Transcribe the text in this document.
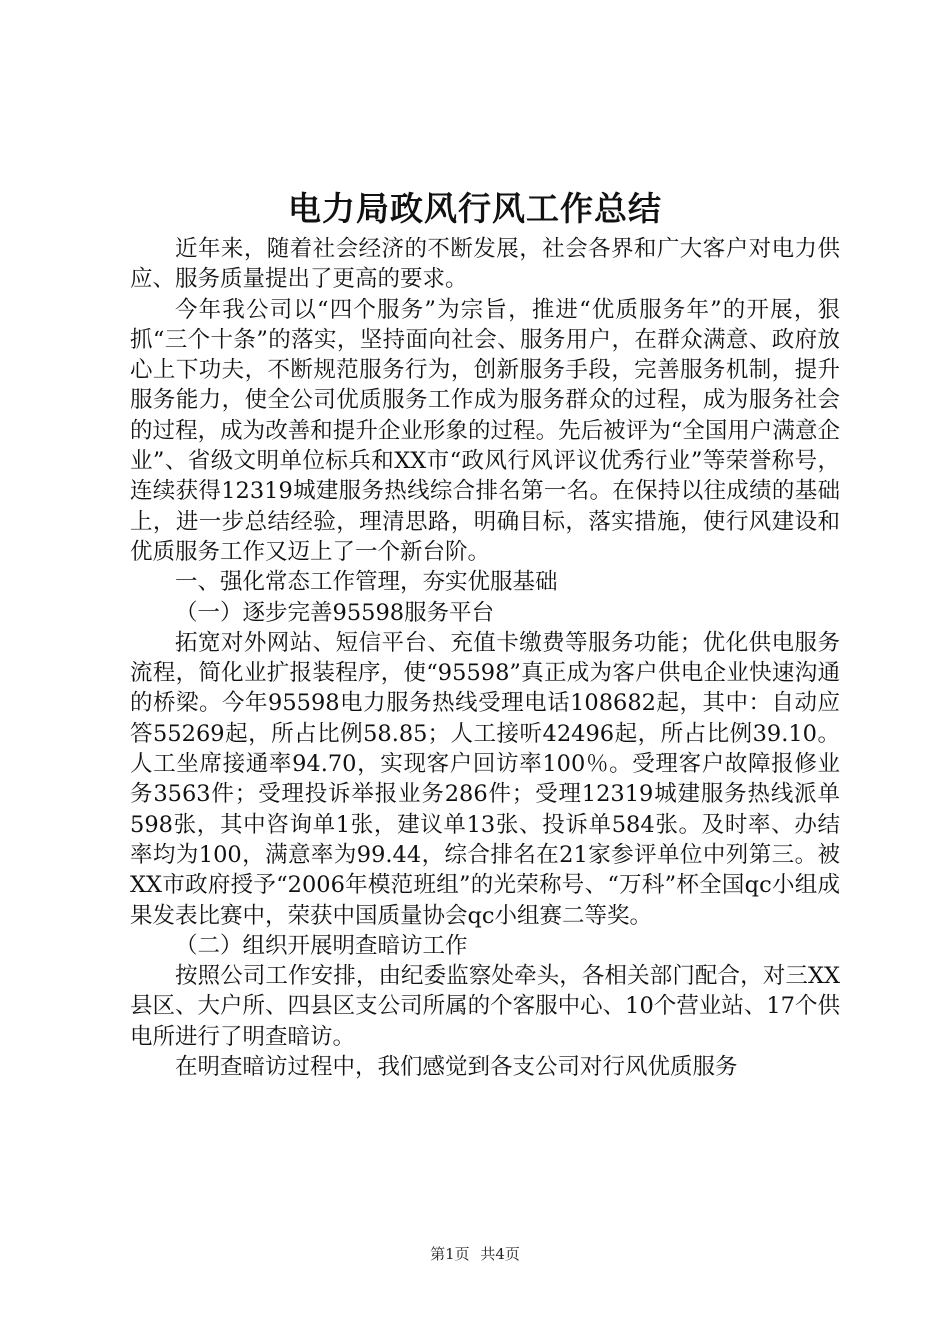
电力局政风行风工作总结

近年来，随着社会经济的不断发展，社会各界和广大客户对电力供应、服务质量提出了更高的要求。

今年我公司以“四个服务”为宗旨，推进“优质服务年”的开展，狠抓“三个十条”的落实，坚持面向社会、服务用户，在群众满意、政府放心上下功夫，不断规范服务行为，创新服务手段，完善服务机制，提升服务能力，使全公司优质服务工作成为服务群众的过程，成为服务社会的过程，成为改善和提升企业形象的过程。先后被评为“全国用户满意企业”、省级文明单位标兵和XX市“政风行风评议优秀行业”等荣誉称号，连续获得12319城建服务热线综合排名第一名。在保持以往成绩的基础上，进一步总结经验，理清思路，明确目标，落实措施，使行风建设和优质服务工作又迈上了一个新台阶。

一、强化常态工作管理，夯实优服基础

（一）逐步完善95598服务平台

拓宽对外网站、短信平台、充值卡缴费等服务功能；优化供电服务流程，简化业扩报装程序，使“95598”真正成为客户供电企业快速沟通的桥梁。今年95598电力服务热线受理电话108682起，其中：自动应答55269起，所占比例58.85；人工接听42496起，所占比例39.10。人工坐席接通率94.70，实现客户回访率100％。受理客户故障报修业务3563件；受理投诉举报业务286件；受理12319城建服务热线派单598张，其中咨询单1张，建议单13张、投诉单584张。及时率、办结率均为100，满意率为99.44，综合排名在21家参评单位中列第三。被XX市政府授予“2006年模范班组”的光荣称号、“万科”杯全国qc小组成果发表比赛中，荣获中国质量协会qc小组赛二等奖。

（二）组织开展明查暗访工作

按照公司工作安排，由纪委监察处牵头，各相关部门配合，对三XX县区、大户所、四县区支公司所属的个客服中心、10个营业站、17个供电所进行了明查暗访。

在明查暗访过程中，我们感觉到各支公司对行风优质服务

第1页 共4页
